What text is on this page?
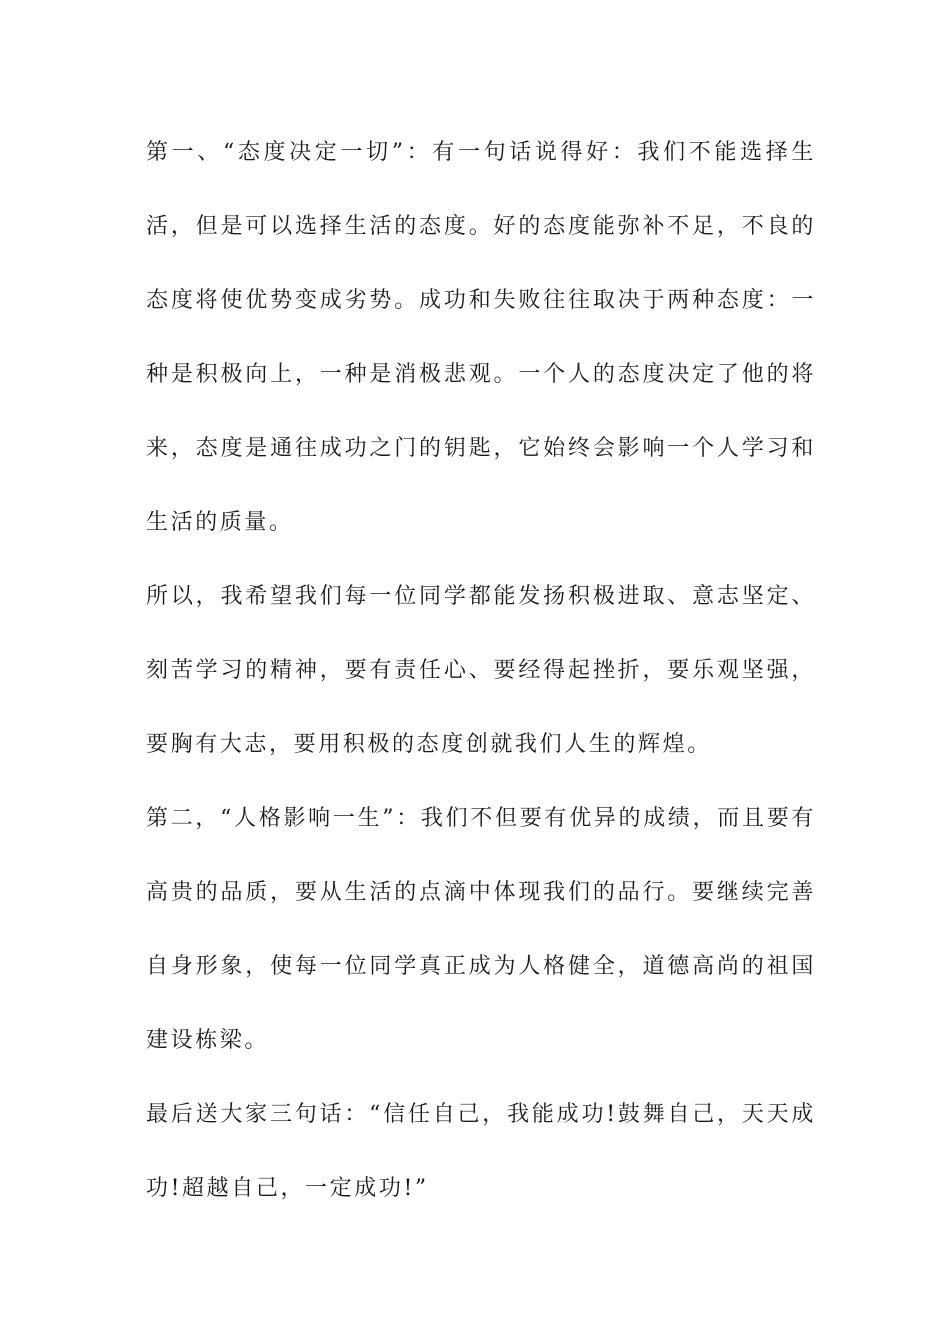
第一、“态度决定一切”：有一句话说得好：我们不能选择生活，但是可以选择生活的态度。好的态度能弥补不足，不良的态度将使优势变成劣势。成功和失败往往取决于两种态度：一种是积极向上，一种是消极悲观。一个人的态度决定了他的将来，态度是通往成功之门的钥匙，它始终会影响一个人学习和生活的质量。

所以，我希望我们每一位同学都能发扬积极进取、意志坚定、刻苦学习的精神，要有责任心、要经得起挫折，要乐观坚强，要胸有大志，要用积极的态度创就我们人生的辉煌。

第二，“人格影响一生”：我们不但要有优异的成绩，而且要有高贵的品质，要从生活的点滴中体现我们的品行。要继续完善自身形象，使每一位同学真正成为人格健全，道德高尚的祖国建设栋梁。

最后送大家三句话：“信任自己，我能成功!鼓舞自己，天天成功!超越自己，一定成功!”
